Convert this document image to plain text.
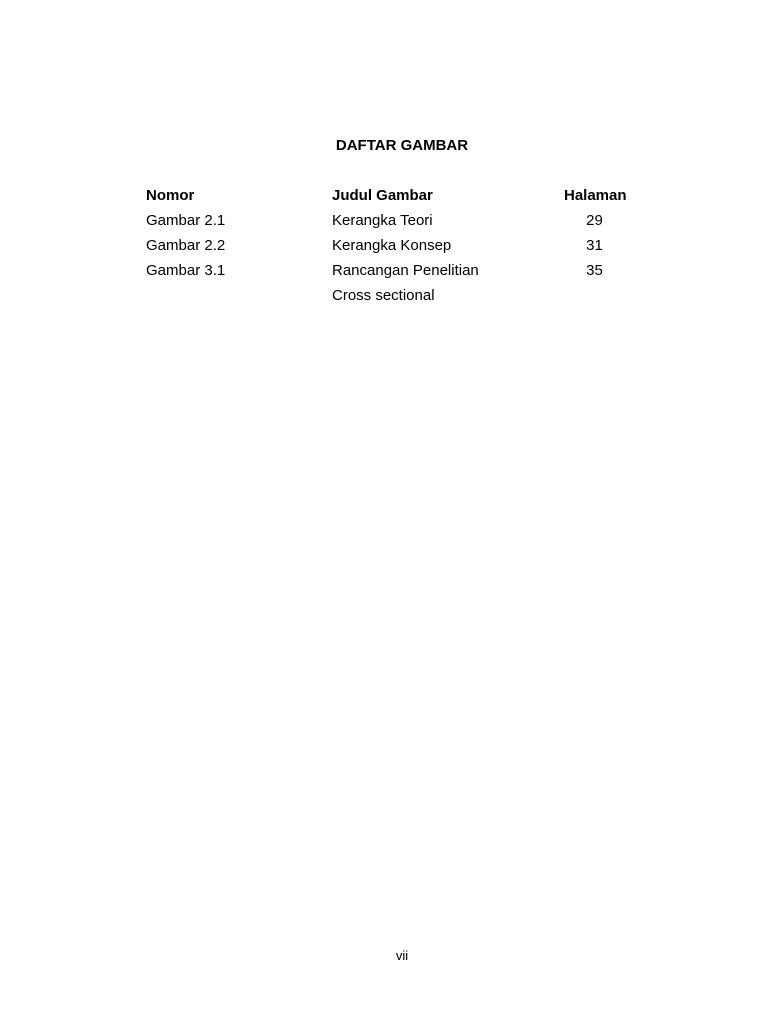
DAFTAR GAMBAR
Nomor	Judul Gambar	Halaman
Gambar 2.1	Kerangka Teori	29
Gambar 2.2	Kerangka Konsep	31
Gambar 3.1	Rancangan Penelitian	35
Cross sectional
vii
